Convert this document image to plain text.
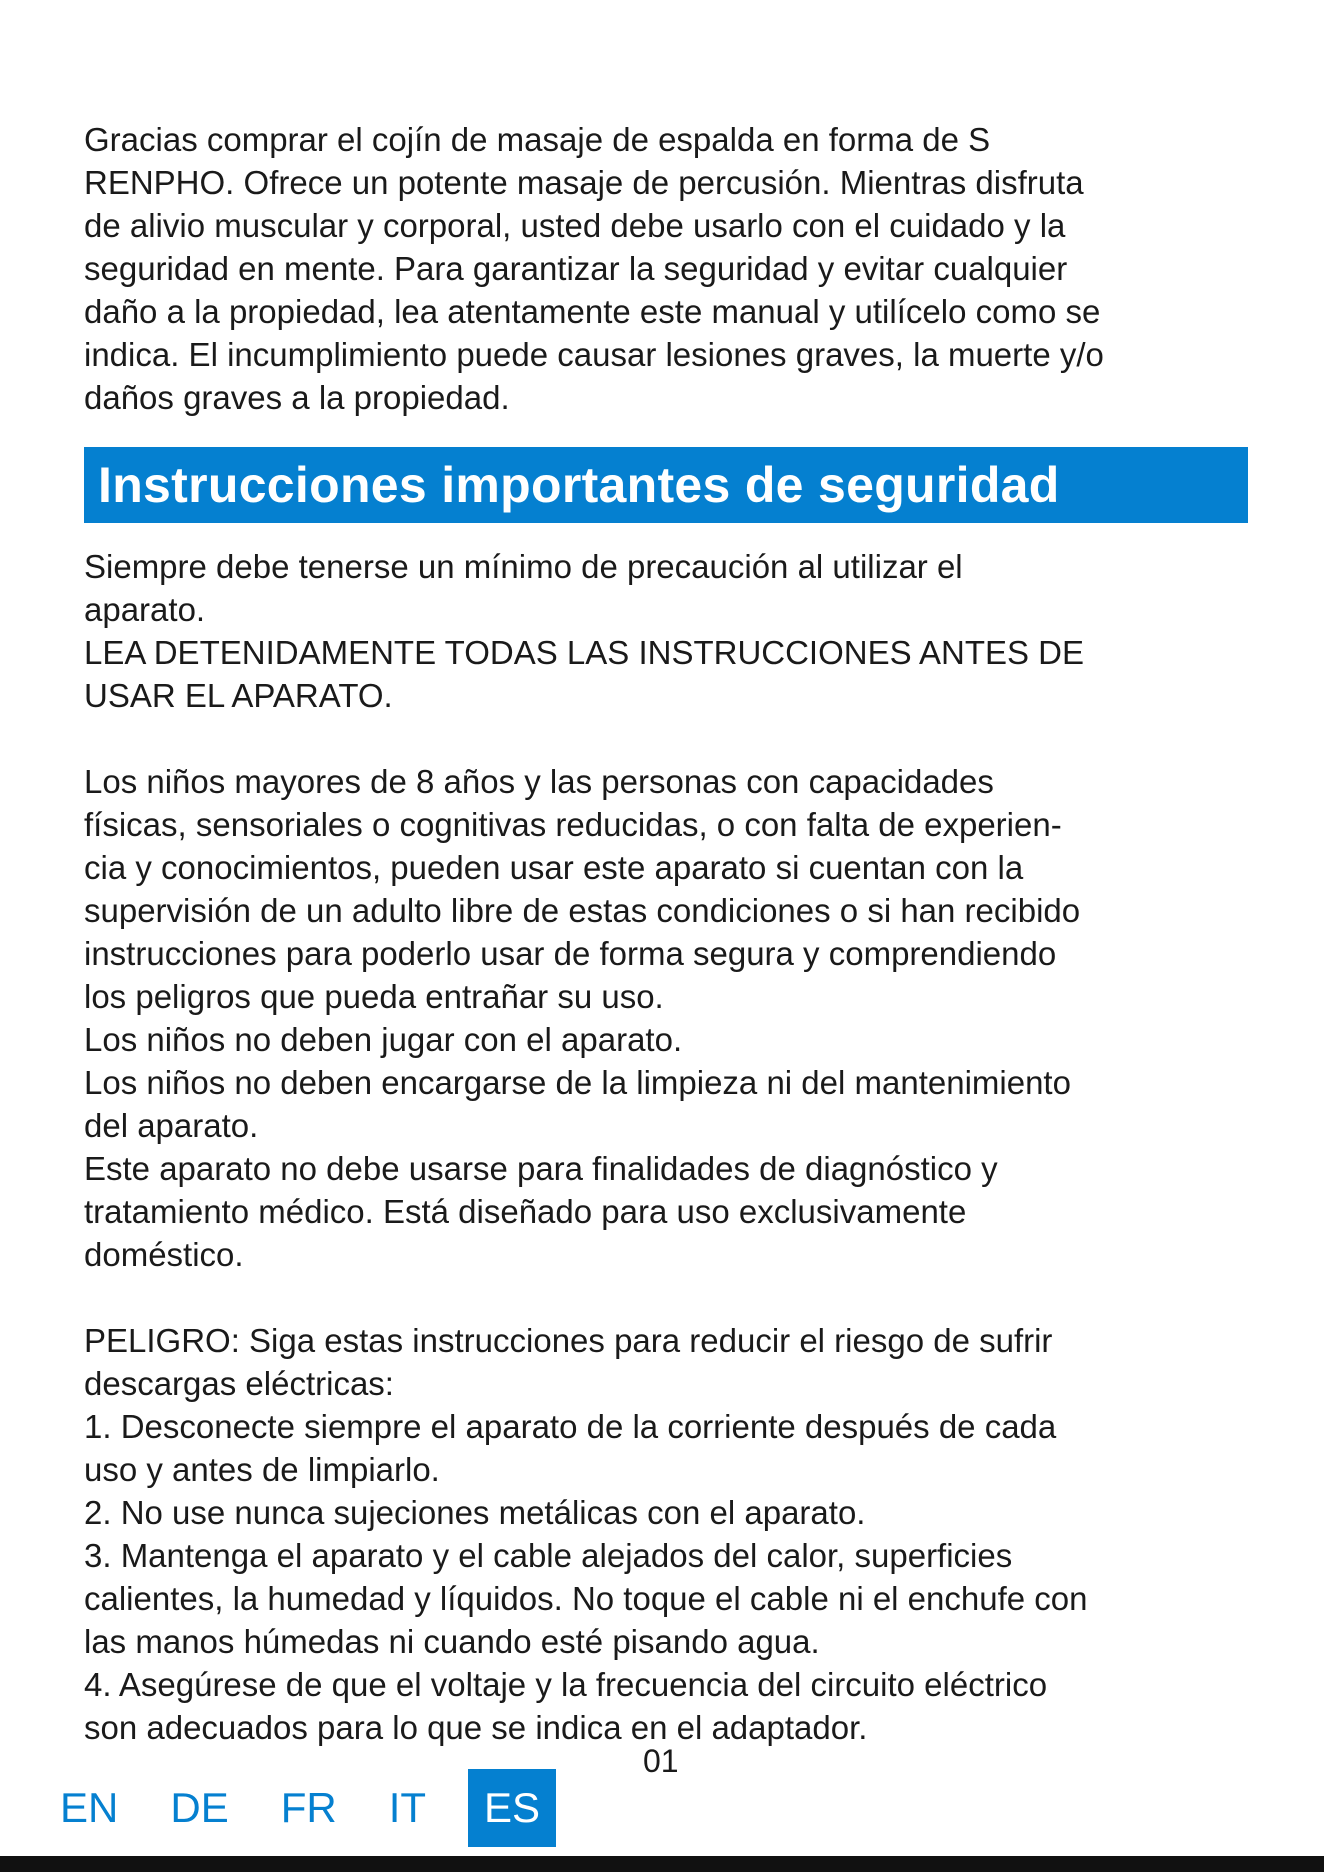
Gracias comprar el cojín de masaje de espalda en forma de S
RENPHO. Ofrece un potente masaje de percusión. Mientras disfruta
de alivio muscular y corporal, usted debe usarlo con el cuidado y la
seguridad en mente. Para garantizar la seguridad y evitar cualquier
daño a la propiedad, lea atentamente este manual y utilícelo como se
indica. El incumplimiento puede causar lesiones graves, la muerte y/o
daños graves a la propiedad.
Instrucciones importantes de seguridad
Siempre debe tenerse un mínimo de precaución al utilizar el
aparato.
LEA DETENIDAMENTE TODAS LAS INSTRUCCIONES ANTES DE
USAR EL APARATO.
Los niños mayores de 8 años y las personas con capacidades
físicas, sensoriales o cognitivas reducidas, o con falta de experien-
cia y conocimientos, pueden usar este aparato si cuentan con la
supervisión de un adulto libre de estas condiciones o si han recibido
instrucciones para poderlo usar de forma segura y comprendiendo
los peligros que pueda entrañar su uso.
Los niños no deben jugar con el aparato.
Los niños no deben encargarse de la limpieza ni del mantenimiento
del aparato.
Este aparato no debe usarse para finalidades de diagnóstico y
tratamiento médico. Está diseñado para uso exclusivamente
doméstico.
PELIGRO: Siga estas instrucciones para reducir el riesgo de sufrir
descargas eléctricas:
1. Desconecte siempre el aparato de la corriente después de cada
uso y antes de limpiarlo.
2. No use nunca sujeciones metálicas con el aparato.
3. Mantenga el aparato y el cable alejados del calor, superficies
calientes, la humedad y líquidos. No toque el cable ni el enchufe con
las manos húmedas ni cuando esté pisando agua.
4. Asegúrese de que el voltaje y la frecuencia del circuito eléctrico
son adecuados para lo que se indica en el adaptador.
01
EN DE FR IT	ES
